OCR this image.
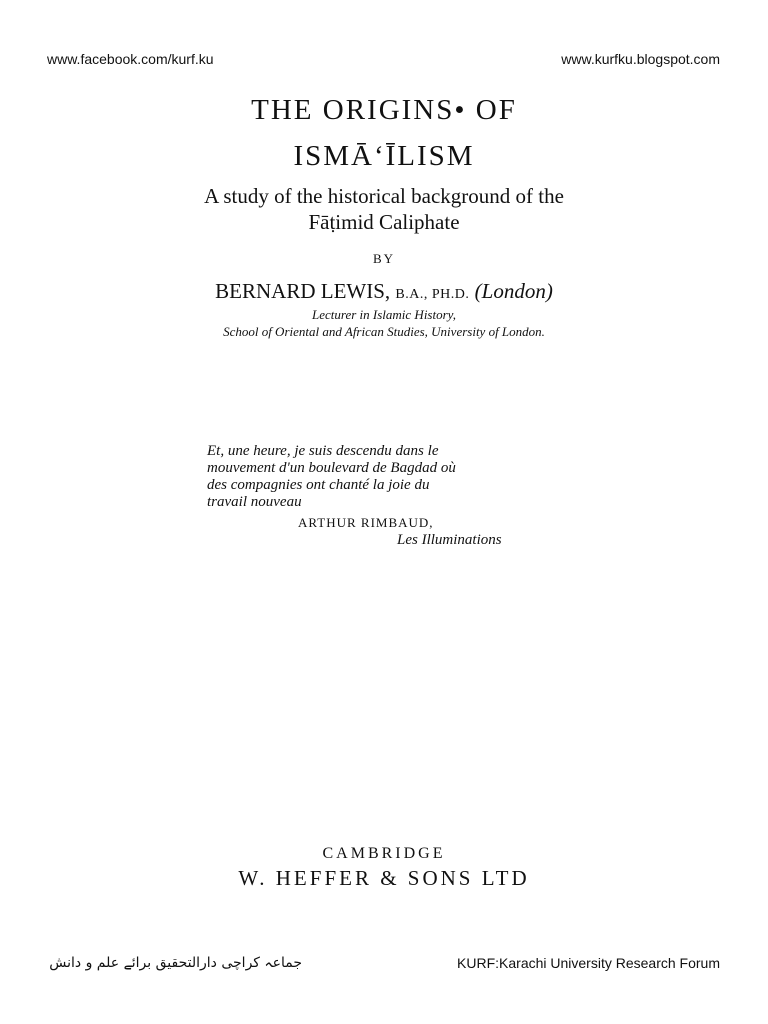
www.facebook.com/kurf.ku	www.kurfku.blogspot.com
THE ORIGINS• OF
ISMĀ‘ĪLISM
A study of the historical background of the
Fāṭimid Caliphate
BY
BERNARD LEWIS, B.A., PH.D. (London)
Lecturer in Islamic History,
School of Oriental and African Studies, University of London.
Et, une heure, je suis descendu dans le
mouvement d'un boulevard de Bagdad où
des compagnies ont chanté la joie du
travail nouveau
ARTHUR RIMBAUD,
Les Illuminations
CAMBRIDGE
W. HEFFER & SONS LTD
جماعہ کراچی دارالتحقیق برائے علم و دانش	KURF:Karachi University Research Forum
